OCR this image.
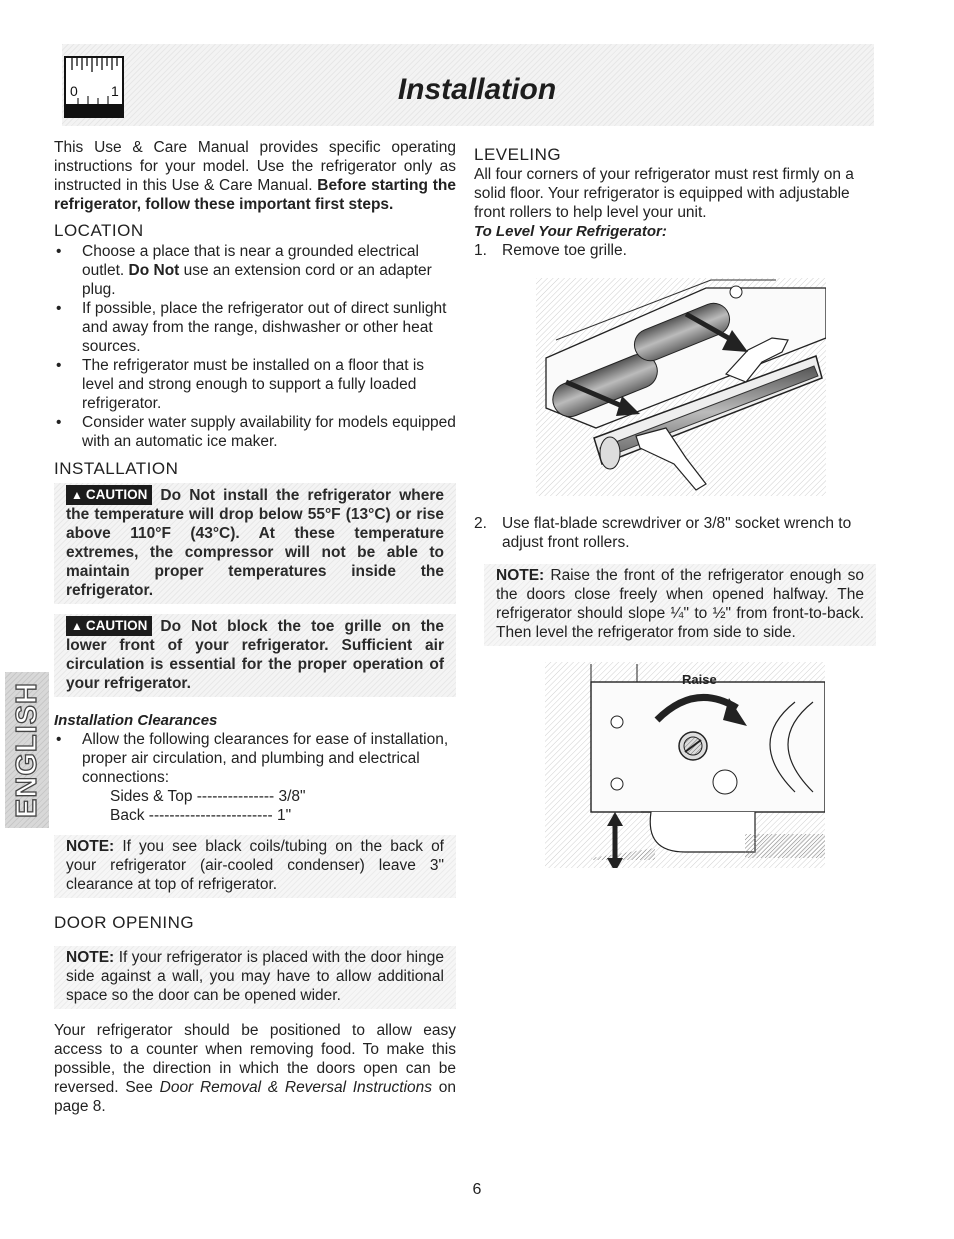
0 1	Installation

This Use & Care Manual provides specific operating instructions for your model. Use the refrigerator only as instructed in this Use & Care Manual. Before starting the refrigerator, follow these important first steps.

LOCATION
• Choose a place that is near a grounded electrical outlet. Do Not use an extension cord or an adapter plug.
• If possible, place the refrigerator out of direct sunlight and away from the range, dishwasher or other heat sources.
• The refrigerator must be installed on a floor that is level and strong enough to support a fully loaded refrigerator.
• Consider water supply availability for models equipped with an automatic ice maker.
INSTALLATION
▲ CAUTION Do Not install the refrigerator where the temperature will drop below 55°F (13°C) or rise above 110°F (43°C). At these temperature extremes, the compressor will not be able to maintain proper temperatures inside the refrigerator.
▲ CAUTION Do Not block the toe grille on the lower front of your refrigerator. Sufficient air circulation is essential for the proper operation of your refrigerator.
Installation Clearances
• Allow the following clearances for ease of installation, proper air circulation, and plumbing and electrical connections:
Sides & Top
---------------
3/8"
Back
------------------------
1"
NOTE: If you see black coils/tubing on the back of your refrigerator (air-cooled condenser) leave 3" clearance at top of refrigerator.
DOOR OPENING
NOTE: If your refrigerator is placed with the door hinge side against a wall, you may have to allow additional space so the door can be opened wider.

Your refrigerator should be positioned to allow easy access to a counter when removing food. To make this possible, the direction in which the doors open can be reversed. See Door Removal & Reversal Instructions on page 8.

LEVELING

All four corners of your refrigerator must rest firmly on a solid floor. Your refrigerator is equipped with adjustable front rollers to help level your unit.

To Level Your Refrigerator:
1. Remove toe grille.
2. Use flat-blade screwdriver or 3/8" socket wrench to adjust front rollers.
NOTE: Raise the front of the refrigerator enough so the doors close freely when opened halfway. The refrigerator should slope ¼" to ½" from front-to-back. Then level the refrigerator from side to side.
Raise
ENGLISH
6
